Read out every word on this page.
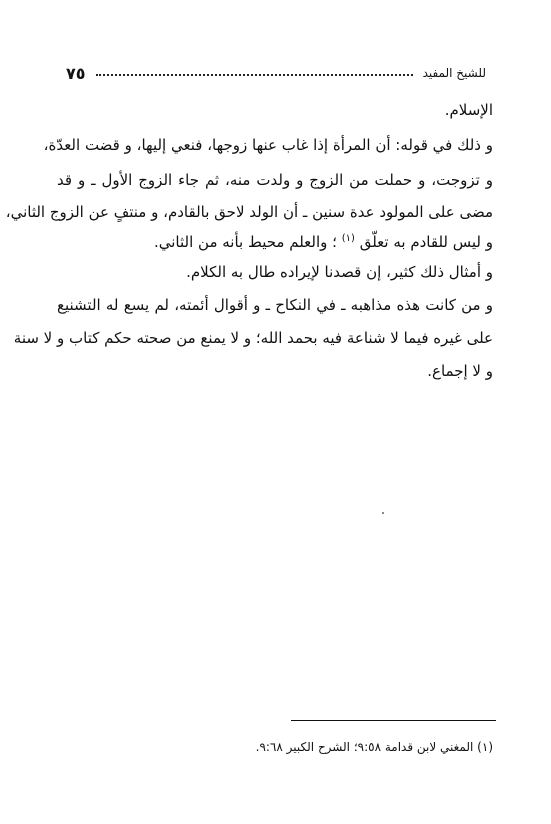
للشيخ المفيد
٧٥
الإسلام.
و ذلك في قوله: أن المرأة إذا غاب عنها زوجها، فنعي إليها، و قضت العدّة،
و تزوجت، و حملت من الزوج و ولدت منه، ثم جاء الزوج الأول ـ و قد
مضى على المولود عدة سنين ـ أن الولد لاحق بالقادم، و منتفٍ عن الزوج الثاني،
و ليس للقادم به تعلّق $^{(١)}$ ؛ والعلم محيط بأنه من الثاني.
و أمثال ذلك كثير، إن قصدنا لإيراده طال به الكلام.
و من كانت هذه مذاهبه ـ في النكاح ـ و أقوال أئمته، لم يسع له التشنيع
على غيره فيما لا شناعة فيه بحمد الله؛ و لا يمنع من صحته حكم كتاب و لا سنة
و لا إجماع.
(١) المغني لابن قدامة ٩:٥٨؛ الشرح الكبير ٩:٦٨.
